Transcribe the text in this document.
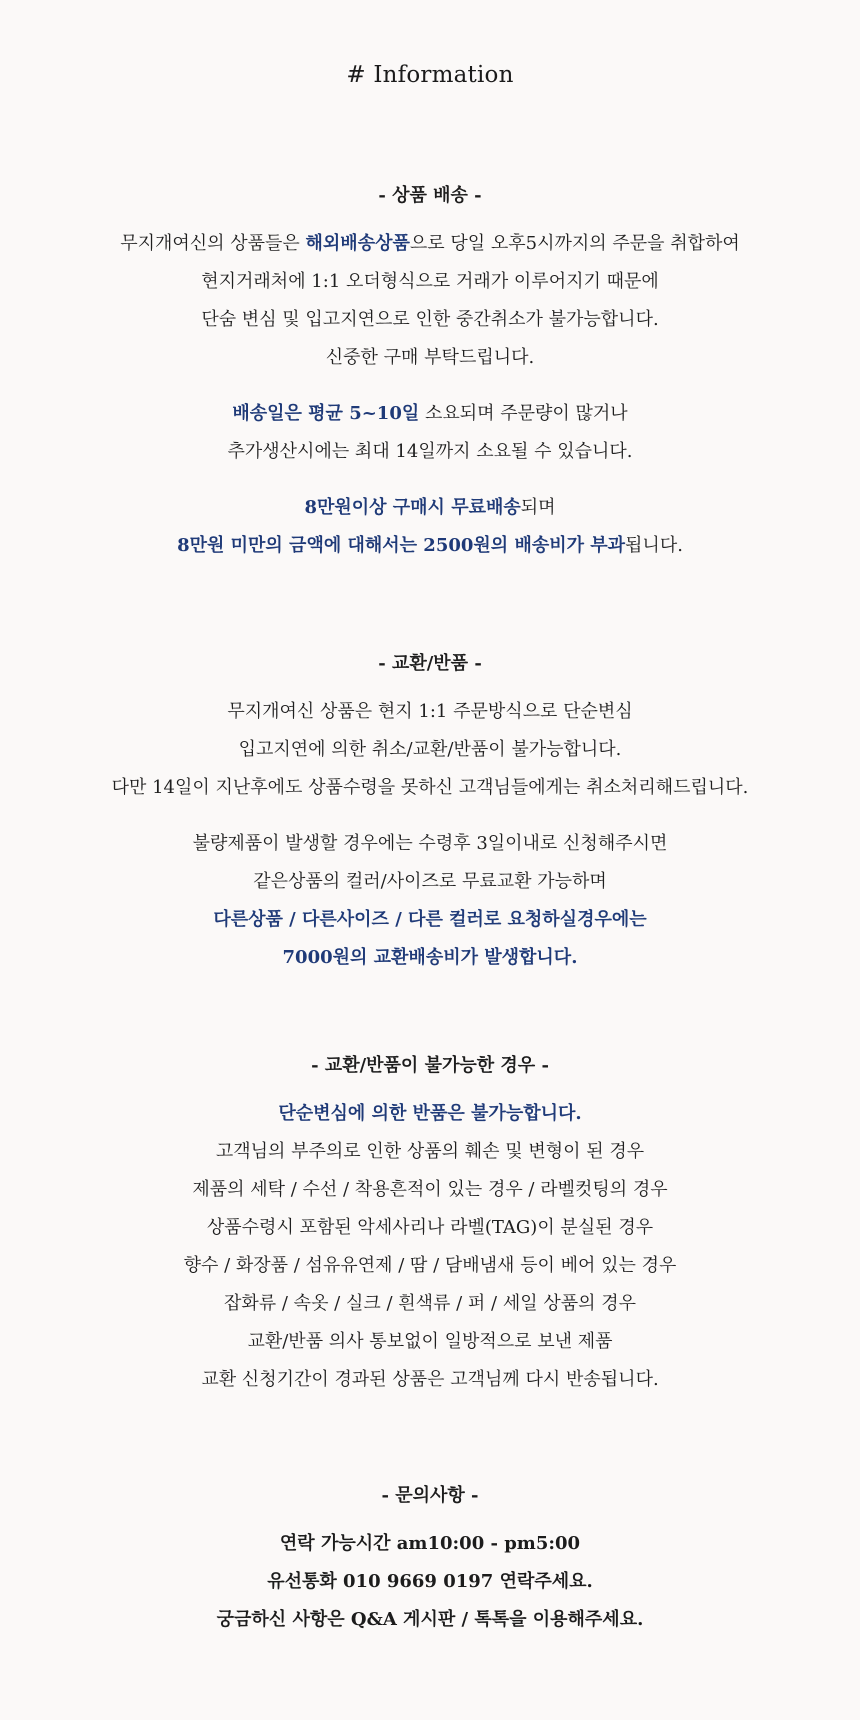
# Information
- 상품 배송 -
무지개여신의 상품들은 해외배송상품으로 당일 오후5시까지의 주문을 취합하여
현지거래처에 1:1 오더형식으로 거래가 이루어지기 때문에
단숨 변심 및 입고지연으로 인한 중간취소가 불가능합니다.
신중한 구매 부탁드립니다.
배송일은 평균 5~10일 소요되며 주문량이 많거나
추가생산시에는 최대 14일까지 소요될 수 있습니다.
8만원이상 구매시 무료배송되며
8만원 미만의 금액에 대해서는 2500원의 배송비가 부과됩니다.
- 교환/반품 -
무지개여신 상품은 현지 1:1 주문방식으로 단순변심
입고지연에 의한 취소/교환/반품이 불가능합니다.
다만 14일이 지난후에도 상품수령을 못하신 고객님들에게는 취소처리해드립니다.
불량제품이 발생할 경우에는 수령후 3일이내로 신청해주시면
같은상품의 컬러/사이즈로 무료교환 가능하며
다른상품 / 다른사이즈 / 다른 컬러로 요청하실경우에는
7000원의 교환배송비가 발생합니다.
- 교환/반품이 불가능한 경우 -
단순변심에 의한 반품은 불가능합니다.
고객님의 부주의로 인한 상품의 훼손 및 변형이 된 경우
제품의 세탁 / 수선 / 착용흔적이 있는 경우 / 라벨컷팅의 경우
상품수령시 포함된 악세사리나 라벨(TAG)이 분실된 경우
향수 / 화장품 / 섬유유연제 / 땀 / 담배냄새 등이 베어 있는 경우
잡화류 / 속옷 / 실크 / 흰색류 / 퍼 / 세일 상품의 경우
교환/반품 의사 통보없이 일방적으로 보낸 제품
교환 신청기간이 경과된 상품은 고객님께 다시 반송됩니다.
- 문의사항 -
연락 가능시간 am10:00 - pm5:00
유선통화 010 9669 0197 연락주세요.
궁금하신 사항은 Q&A 게시판 / 톡톡을 이용해주세요.
